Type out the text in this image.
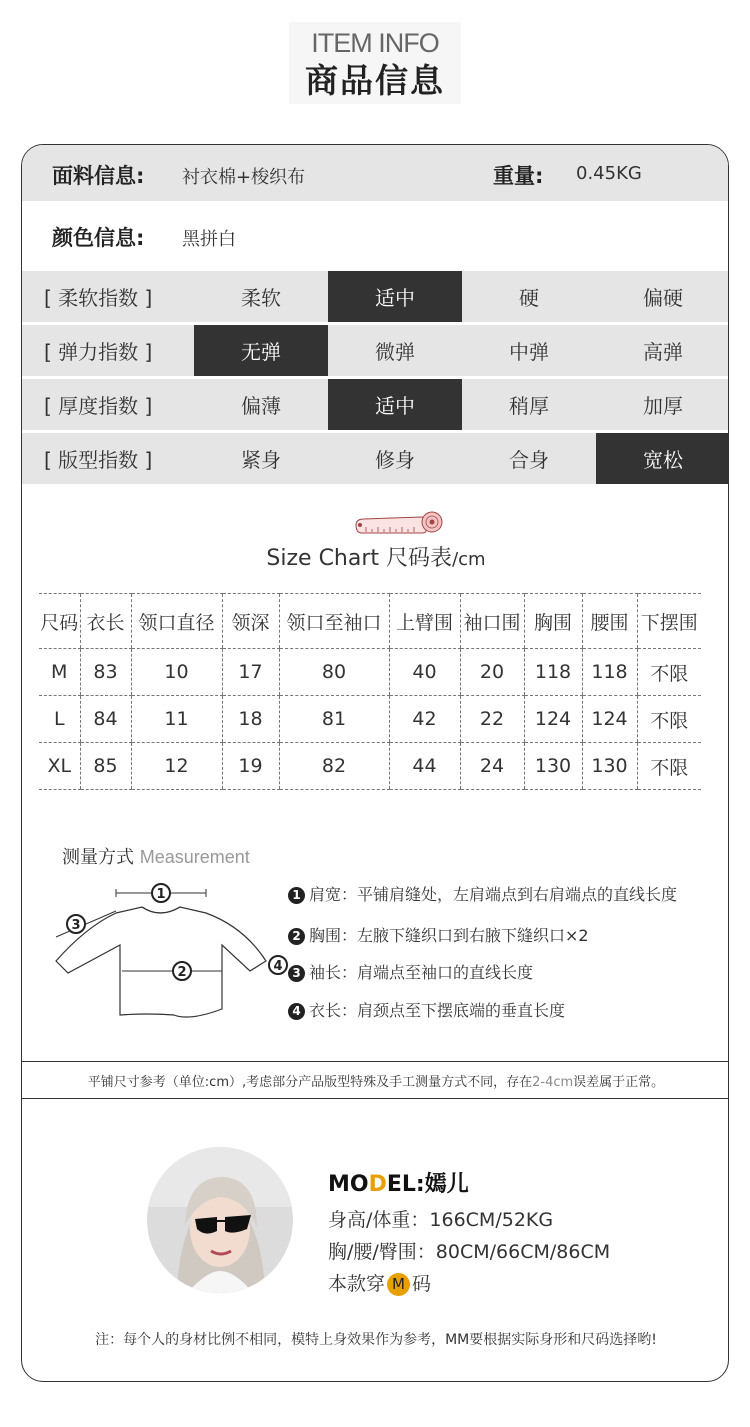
ITEM INFO
商品信息
面料信息: 衬衣棉+梭织布	重量: 0.45KG
颜色信息: 黑拼白
[ 柔软指数 ]	柔软	适中	硬	偏硬
[ 弹力指数 ]	无弹	微弹	中弹	高弹
[ 厚度指数 ]	偏薄	适中	稍厚	加厚
[ 版型指数 ]	紧身	修身	合身	宽松
Size Chart 尺码表/cm
尺码	衣长	领口直径	领深	领口至袖口	上臂围	袖口围	胸围	腰围	下摆围
M	83	10	17	80	40	20	118	118	不限
L	84	11	18	81	42	22	124	124	不限
XL	85	12	19	82	44	24	130	130	不限
测量方式 Measurement
1
2
3
4
1 肩宽：平铺肩缝处，左肩端点到右肩端点的直线长度
2 胸围：左腋下缝织口到右腋下缝织口×2
3 袖长：肩端点至袖口的直线长度
4 衣长：肩颈点至下摆底端的垂直长度
平铺尺寸参考（单位:cm）,考虑部分产品版型特殊及手工测量方式不同，存在2-4cm误差属于正常。
MODEL:嫣儿
身高/体重：166CM/52KG
胸/腰/臀围：80CM/66CM/86CM
本款穿 M 码
注：每个人的身材比例不相同，模特上身效果作为参考，MM要根据实际身形和尺码选择哟!
